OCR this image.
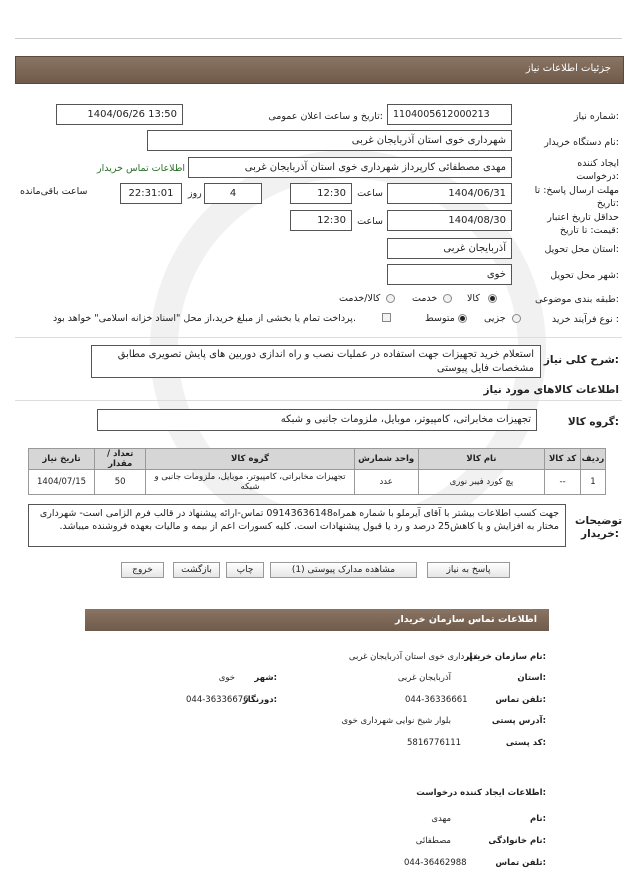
جزئیات اطلاعات نیاز
شماره نیاز:
1104005612000213
تاریخ و ساعت اعلان عمومی:
1404/06/26 13:50
نام دستگاه خریدار:
شهرداری خوی استان آذربایجان غربی
ایجاد کننده درخواست:
مهدی مصطفائی کارپرداز شهرداری خوی استان آذربایجان غربی
اطلاعات تماس خریدار
مهلت ارسال پاسخ: تا تاریخ:
1404/06/31
ساعت
12:30
4
روز
22:31:01
ساعت باقی‌مانده
حداقل تاریخ اعتبار قیمت: تا تاریخ:
1404/08/30
ساعت
12:30
استان محل تحویل:
آذربایجان غربی
شهر محل تحویل:
خوی
طبقه بندی موضوعی:
کالا
خدمت
کالا/خدمت
نوع فرآیند خرید :
جزیی
متوسط
پرداخت تمام یا بخشی از مبلغ خرید،از محل "اسناد خزانه اسلامی" خواهد بود.
شرح کلی نیاز:
استعلام خرید تجهیزات جهت استفاده در عملیات نصب و راه اندازی دوربین های پایش تصویری مطابق مشخصات فایل پیوستی
اطلاعات کالاهای مورد نیاز
گروه کالا:
تجهیزات مخابراتی، کامپیوتر، موبایل، ملزومات جانبی و شبکه
ردیف	کد کالا	نام کالا	واحد شمارش	گروه کالا	تعداد / مقدار	تاریخ نیاز
1	--	پچ کورد فیبر نوری	عدد	تجهیزات مخابراتی، کامپیوتر، موبایل، ملزومات جانبی و شبکه	50	1404/07/15
توضیحات خریدار:
جهت کسب اطلاعات بیشتر با آقای آیرملو با شماره همراه09143636148 تماس-ارائه پیشنهاد در قالب فرم الزامی است- شهرداری مختار به افزایش و یا کاهش25 درصد و رد یا قبول پیشنهادات است. کلیه کسورات اعم از بیمه و مالیات بعهده فروشنده میباشد.
پاسخ به نیاز
مشاهده مدارک پیوستی (1)
چاپ
بازگشت
خروج
اطلاعات تماس سازمان خریدار
نام سازمان خریدار:
شهرداری خوی استان آذربایجان غربی
استان:
آذربایجان غربی
شهر:
خوی
تلفن تماس:
044-36336661
دورنگار:
044-36336676
آدرس پستی:
بلوار شیخ نوایی شهرداری خوی
کد پستی:
5816776111
اطلاعات ایجاد کننده درخواست:
نام:
مهدی
نام خانوادگی:
مصطفائی
تلفن تماس:
044-36462988
